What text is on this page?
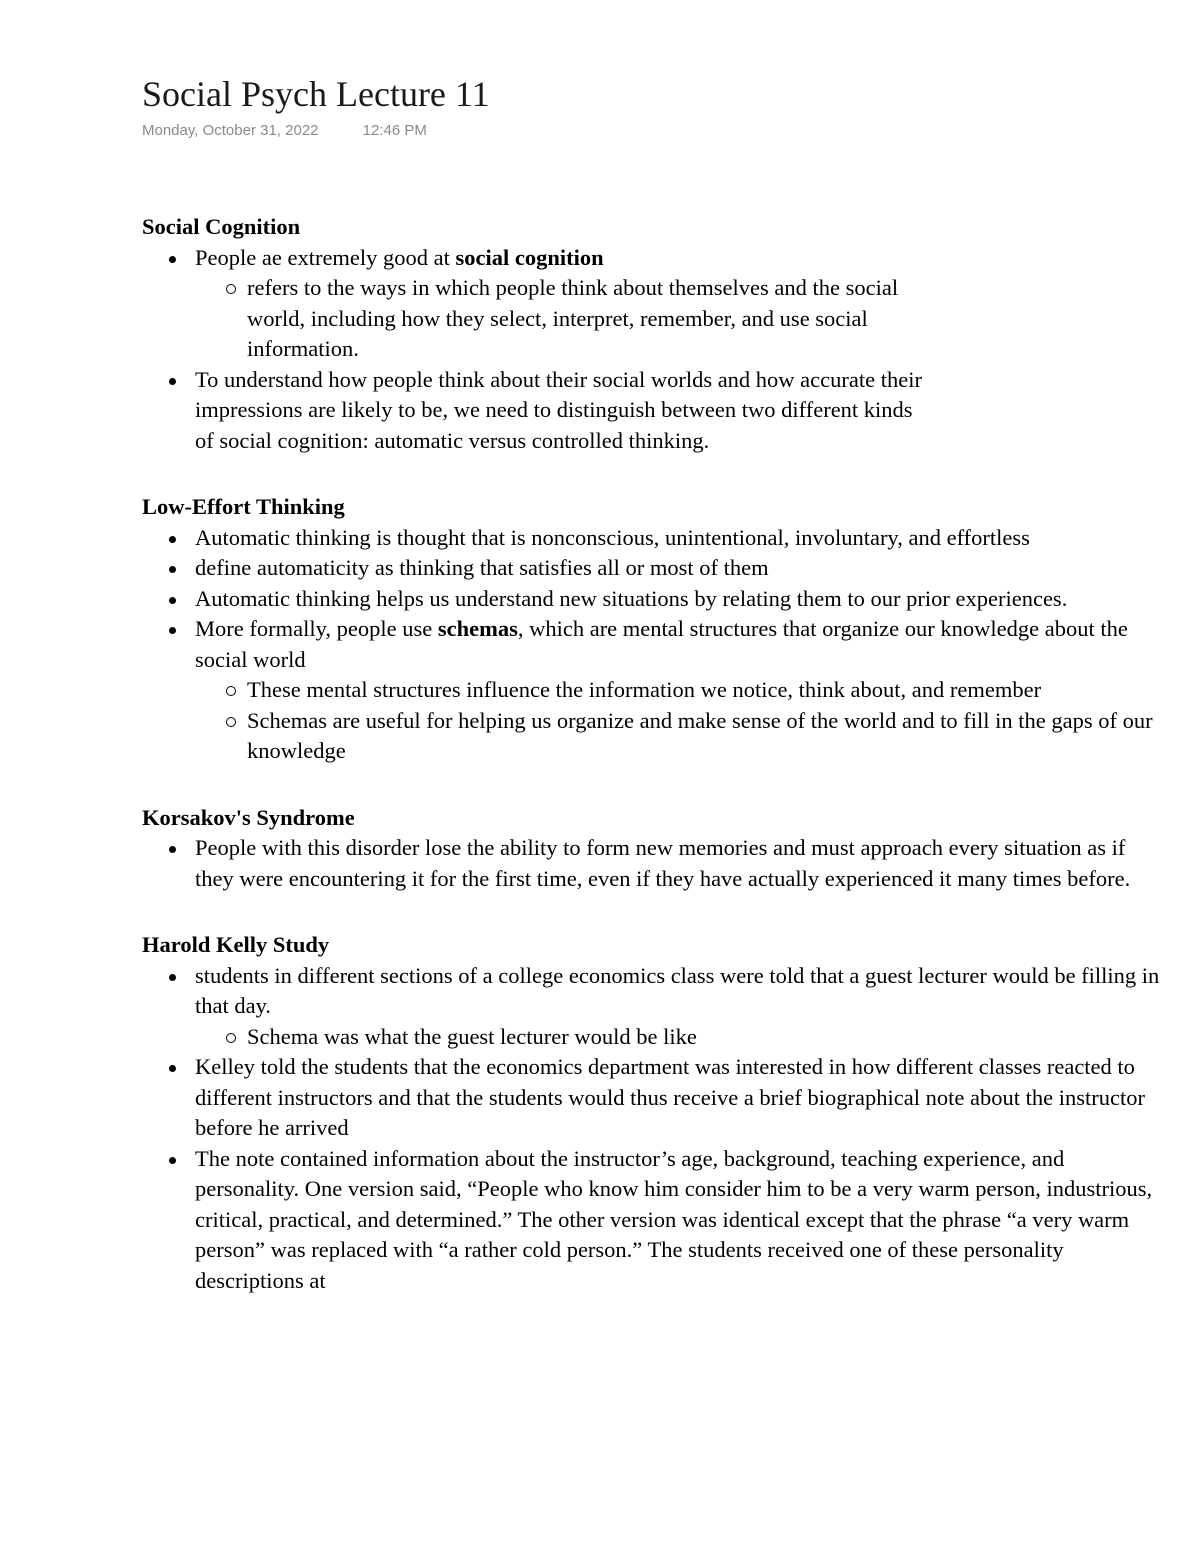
Social Psych Lecture 11
Monday, October 31, 2022	12:46 PM

Social Cognition

People ae extremely good at social cognition
refers to the ways in which people think about themselves and the social world, including how they select, interpret, remember, and use social information.
To understand how people think about their social worlds and how accurate their impressions are likely to be, we need to distinguish between two different kinds of social cognition: automatic versus controlled thinking.

Low-Effort Thinking

Automatic thinking is thought that is nonconscious, unintentional, involuntary, and effortless
define automaticity as thinking that satisfies all or most of them
Automatic thinking helps us understand new situations by relating them to our prior experiences.
More formally, people use schemas, which are mental structures that organize our knowledge about the social world
These mental structures influence the information we notice, think about, and remember
Schemas are useful for helping us organize and make sense of the world and to fill in the gaps of our knowledge

Korsakov's Syndrome

People with this disorder lose the ability to form new memories and must approach every situation as if they were encountering it for the first time, even if they have actually experienced it many times before.

Harold Kelly Study

students in different sections of a college economics class were told that a guest lecturer would be filling in that day.
Schema was what the guest lecturer would be like
Kelley told the students that the economics department was interested in how different classes reacted to different instructors and that the students would thus receive a brief biographical note about the instructor before he arrived
The note contained information about the instructor’s age, background, teaching experience, and personality. One version said, “People who know him consider him to be a very warm person, industrious, critical, practical, and determined.” The other version was identical except that the phrase “a very warm person” was replaced with “a rather cold person.” The students received one of these personality descriptions at
